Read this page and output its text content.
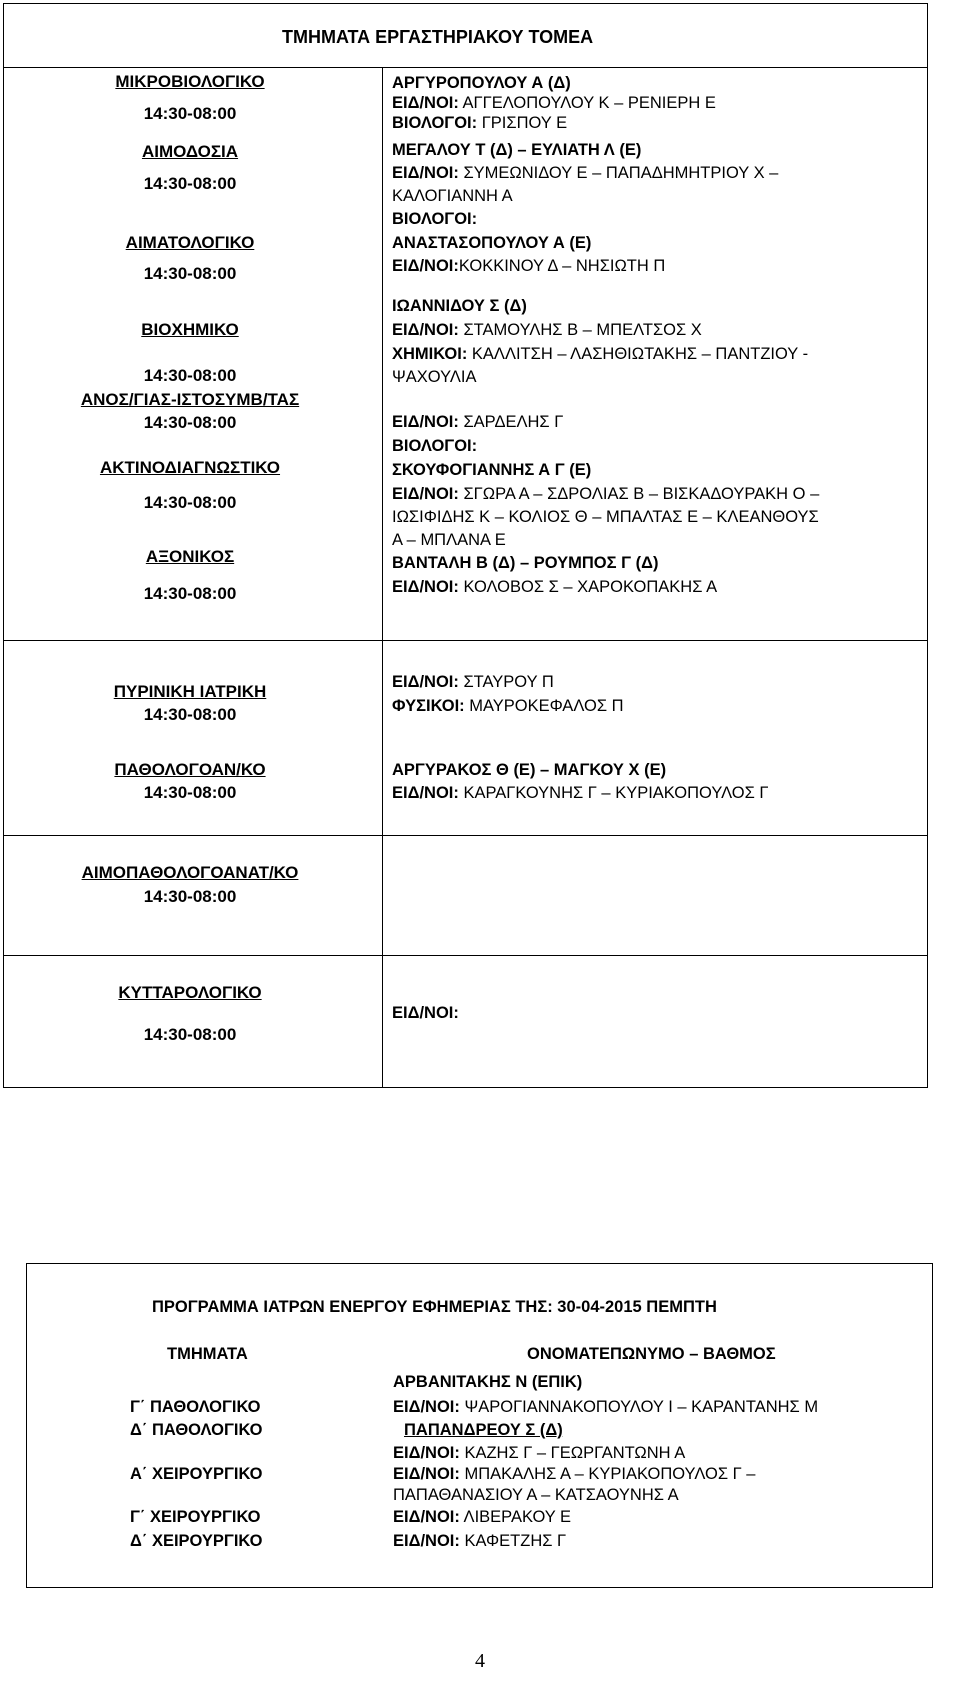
ΤΜΗΜΑΤΑ ΕΡΓΑΣΤΗΡΙΑΚΟΥ ΤΟΜΕΑ
ΜΙΚΡΟΒΙΟΛΟΓΙΚΟ
14:30-08:00
ΑΙΜΟΔΟΣΙΑ
14:30-08:00
ΑΙΜΑΤΟΛΟΓΙΚΟ
14:30-08:00
ΒΙΟΧΗΜΙΚΟ
14:30-08:00
ΑΝΟΣ/ΓΙΑΣ-ΙΣΤΟΣΥΜΒ/ΤΑΣ
14:30-08:00
ΑΚΤΙΝΟΔΙΑΓΝΩΣΤΙΚΟ
14:30-08:00
ΑΞΟΝΙΚΟΣ
14:30-08:00
ΑΡΓΥΡΟΠΟΥΛΟΥ Α (Δ)
ΕΙΔ/ΝΟΙ: ΑΓΓΕΛΟΠΟΥΛΟΥ Κ – ΡΕΝΙΕΡΗ Ε
ΒΙΟΛΟΓΟΙ: ΓΡΙΣΠΟΥ Ε
ΜΕΓΑΛΟΥ Τ (Δ) – ΕΥΛΙΑΤΗ Λ (Ε)
ΕΙΔ/ΝΟΙ: ΣΥΜΕΩΝΙΔΟΥ Ε – ΠΑΠΑΔΗΜΗΤΡΙΟΥ Χ –
ΚΑΛΟΓΙΑΝΝΗ Α
ΒΙΟΛΟΓΟΙ:
ΑΝΑΣΤΑΣΟΠΟΥΛΟΥ Α (Ε)
ΕΙΔ/ΝΟΙ:ΚΟΚΚΙΝΟΥ Δ – ΝΗΣΙΩΤΗ Π
ΙΩΑΝΝΙΔΟΥ Σ (Δ)
ΕΙΔ/ΝΟΙ: ΣΤΑΜΟΥΛΗΣ Β – ΜΠΕΛΤΣΟΣ Χ
ΧΗΜΙΚΟΙ: ΚΑΛΛΙΤΣΗ – ΛΑΣΗΘΙΩΤΑΚΗΣ – ΠΑΝΤΖΙΟΥ -
ΨΑΧΟΥΛΙΑ
ΕΙΔ/ΝΟΙ: ΣΑΡΔΕΛΗΣ Γ
ΒΙΟΛΟΓΟΙ:
ΣΚΟΥΦΟΓΙΑΝΝΗΣ Α Γ (Ε)
ΕΙΔ/ΝΟΙ: ΣΓΩΡΑ Α – ΣΔΡΟΛΙΑΣ Β – ΒΙΣΚΑΔΟΥΡΑΚΗ Ο –
ΙΩΣΙΦΙΔΗΣ Κ – ΚΟΛΙΟΣ Θ – ΜΠΑΛΤΑΣ Ε – ΚΛΕΑΝΘΟΥΣ
Α – ΜΠΛΑΝΑ Ε
ΒΑΝΤΑΛΗ Β (Δ) – ΡΟΥΜΠΟΣ Γ (Δ)
ΕΙΔ/ΝΟΙ: ΚΟΛΟΒΟΣ Σ – ΧΑΡΟΚΟΠΑΚΗΣ Α
ΠΥΡΙΝΙΚΗ ΙΑΤΡΙΚΗ
14:30-08:00
ΠΑΘΟΛΟΓΟΑΝ/ΚΟ
14:30-08:00
ΕΙΔ/ΝΟΙ: ΣΤΑΥΡΟΥ Π
ΦΥΣΙΚΟΙ: ΜΑΥΡΟΚΕΦΑΛΟΣ Π
ΑΡΓΥΡΑΚΟΣ Θ (Ε) – ΜΑΓΚΟΥ Χ (Ε)
ΕΙΔ/ΝΟΙ: ΚΑΡΑΓΚΟΥΝΗΣ Γ – ΚΥΡΙΑΚΟΠΟΥΛΟΣ Γ
ΑΙΜΟΠΑΘΟΛΟΓΟΑΝΑΤ/ΚΟ
14:30-08:00
ΚΥΤΤΑΡΟΛΟΓΙΚΟ
14:30-08:00
ΕΙΔ/ΝΟΙ:
ΠΡΟΓΡΑΜΜΑ ΙΑΤΡΩΝ ΕΝΕΡΓΟΥ ΕΦΗΜΕΡΙΑΣ ΤΗΣ: 30-04-2015 ΠΕΜΠΤΗ
ΤΜΗΜΑΤΑ	ΟΝΟΜΑΤΕΠΩΝΥΜΟ – ΒΑΘΜΟΣ
Γ΄ ΠΑΘΟΛΟΓΙΚΟ
Δ΄ ΠΑΘΟΛΟΓΙΚΟ
Α΄ ΧΕΙΡΟΥΡΓΙΚΟ
Γ΄ ΧΕΙΡΟΥΡΓΙΚΟ
Δ΄ ΧΕΙΡΟΥΡΓΙΚΟ
ΑΡΒΑΝΙΤΑΚΗΣ Ν (ΕΠΙΚ)
ΕΙΔ/ΝΟΙ: ΨΑΡΟΓΙΑΝΝΑΚΟΠΟΥΛΟΥ Ι – ΚΑΡΑΝΤΑΝΗΣ Μ
ΠΑΠΑΝΔΡΕΟΥ Σ (Δ)
ΕΙΔ/ΝΟΙ: ΚΑΖΗΣ Γ – ΓΕΩΡΓΑΝΤΩΝΗ Α
ΕΙΔ/ΝΟΙ: ΜΠΑΚΑΛΗΣ Α – ΚΥΡΙΑΚΟΠΟΥΛΟΣ Γ –
ΠΑΠΑΘΑΝΑΣΙΟΥ Α – ΚΑΤΣΑΟΥΝΗΣ Α
ΕΙΔ/ΝΟΙ: ΛΙΒΕΡΑΚΟΥ Ε
ΕΙΔ/ΝΟΙ: ΚΑΦΕΤΖΗΣ Γ
4
